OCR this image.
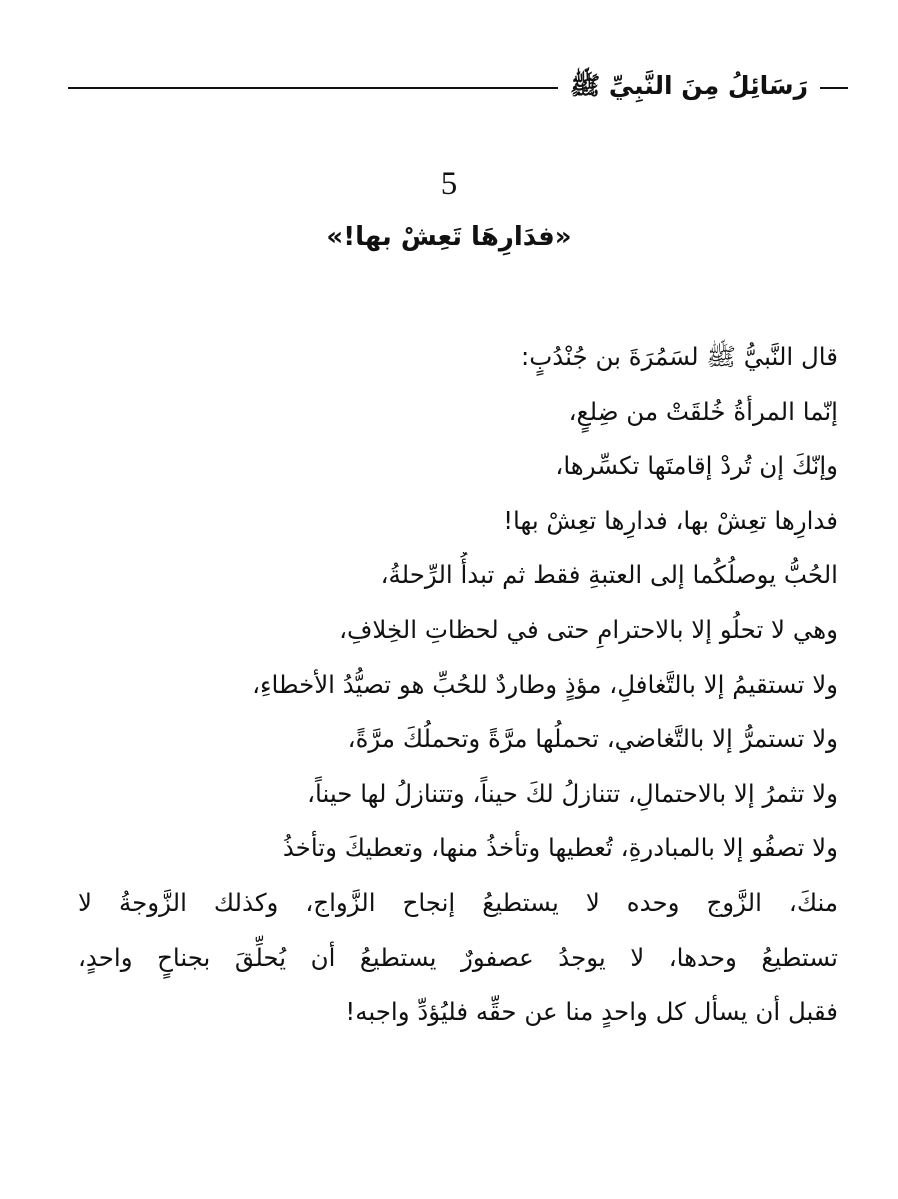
رَسَائِلُ مِنَ النَّبِيِّ ﷺ
5
«فدَارِهَا تَعِشْ بها!»
قال النَّبيُّ ﷺ لسَمُرَةَ بن جُنْدُبٍ:
إنّما المرأةُ خُلقَتْ من ضِلعٍ،
وإنّكَ إن تُردْ إقامتَها تكسِّرها،
فدارِها تعِشْ بها، فدارِها تعِشْ بها!
الحُبُّ يوصلُكُما إلى العتبةِ فقط ثم تبدأُ الرِّحلةُ،
وهي لا تحلُو إلا بالاحترامِ حتى في لحظاتِ الخِلافِ،
ولا تستقيمُ إلا بالتَّغافلِ، مؤذٍ وطاردٌ للحُبِّ هو تصيُّدُ الأخطاءِ،
ولا تستمرُّ إلا بالتَّغاضي، تحملُها مرَّةً وتحملُكَ مرَّةً،
ولا تثمرُ إلا بالاحتمالِ، تتنازلُ لكَ حيناً، وتتنازلُ لها حيناً،
ولا تصفُو إلا بالمبادرةِ، تُعطيها وتأخذُ منها، وتعطيكَ وتأخذُ
منكَ، الزَّوج وحده لا يستطيعُ إنجاح الزَّواج، وكذلك الزَّوجةُ لا
تستطيعُ وحدها، لا يوجدُ عصفورٌ يستطيعُ أن يُحلِّقَ بجناحٍ واحدٍ،
فقبل أن يسأل كل واحدٍ منا عن حقِّه فليُؤدِّ واجبه!
